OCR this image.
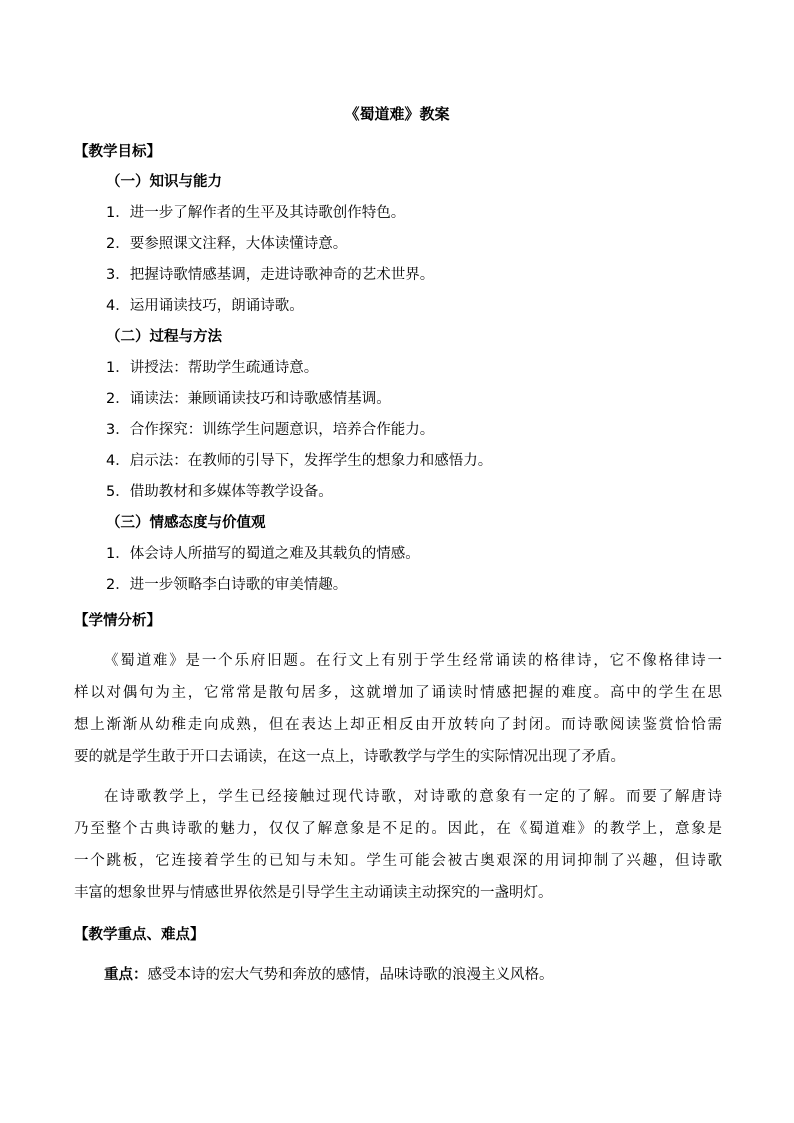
《蜀道难》教案
【教学目标】
（一）知识与能力
1．进一步了解作者的生平及其诗歌创作特色。
2．要参照课文注释，大体读懂诗意。
3．把握诗歌情感基调，走进诗歌神奇的艺术世界。
4．运用诵读技巧，朗诵诗歌。
（二）过程与方法
1．讲授法：帮助学生疏通诗意。
2．诵读法：兼顾诵读技巧和诗歌感情基调。
3．合作探究：训练学生问题意识，培养合作能力。
4．启示法：在教师的引导下，发挥学生的想象力和感悟力。
5．借助教材和多媒体等教学设备。
（三）情感态度与价值观
1．体会诗人所描写的蜀道之难及其载负的情感。
2．进一步领略李白诗歌的审美情趣。
【学情分析】
《蜀道难》是一个乐府旧题。在行文上有别于学生经常诵读的格律诗，它不像格律诗一
样以对偶句为主，它常常是散句居多，这就增加了诵读时情感把握的难度。高中的学生在思
想上渐渐从幼稚走向成熟，但在表达上却正相反由开放转向了封闭。而诗歌阅读鉴赏恰恰需
要的就是学生敢于开口去诵读，在这一点上，诗歌教学与学生的实际情况出现了矛盾。
在诗歌教学上，学生已经接触过现代诗歌，对诗歌的意象有一定的了解。而要了解唐诗
乃至整个古典诗歌的魅力，仅仅了解意象是不足的。因此，在《蜀道难》的教学上，意象是
一个跳板，它连接着学生的已知与未知。学生可能会被古奥艰深的用词抑制了兴趣，但诗歌
丰富的想象世界与情感世界依然是引导学生主动诵读主动探究的一盏明灯。
【教学重点、难点】
重点：感受本诗的宏大气势和奔放的感情，品味诗歌的浪漫主义风格。
